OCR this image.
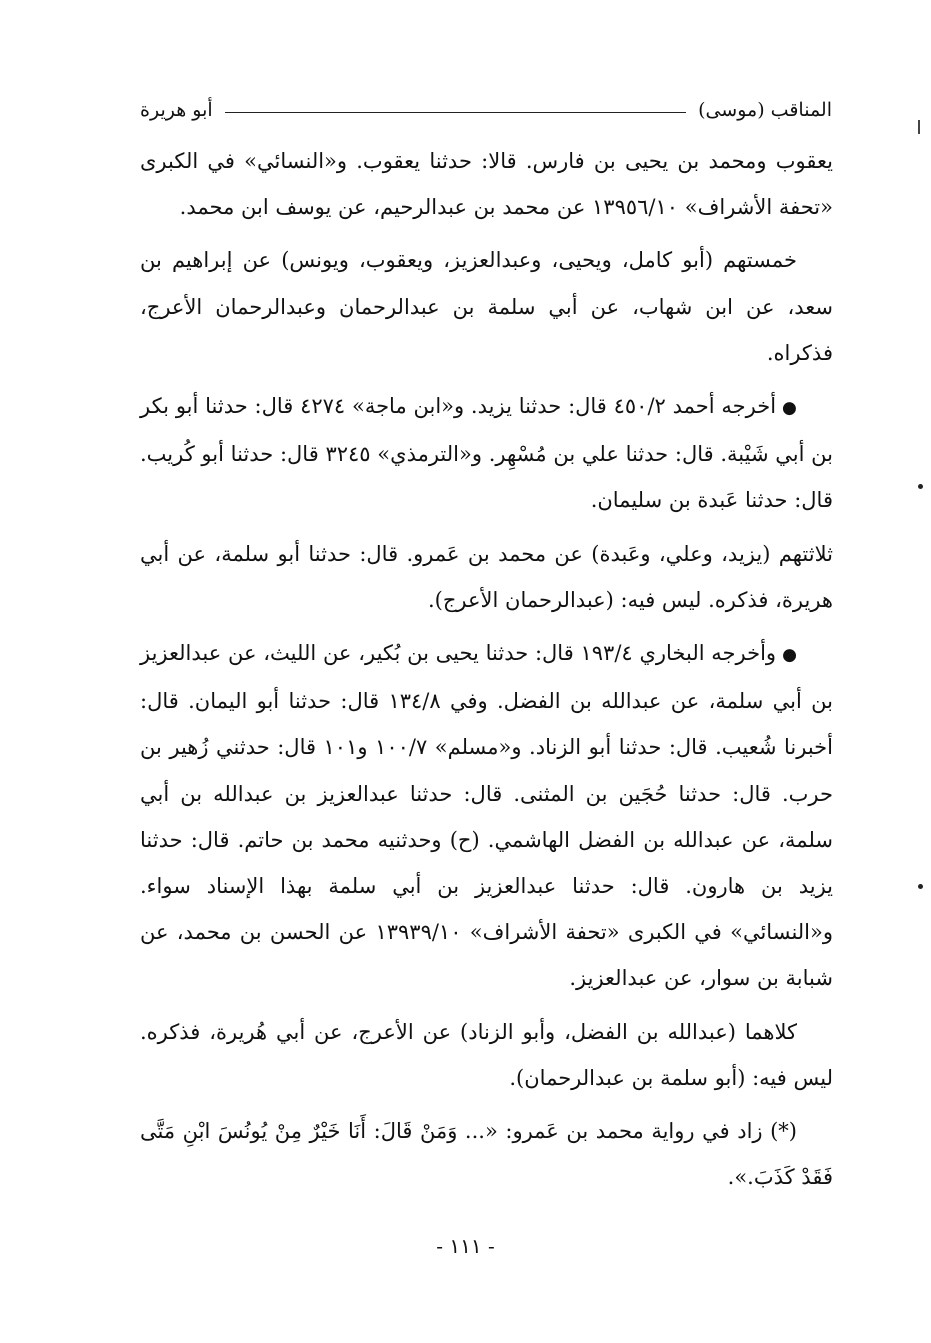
المناقب (موسى)
أبو هريرة

يعقوب ومحمد بن يحيى بن فارس. قالا: حدثنا يعقوب. و«النسائي» في الكبرى «تحفة الأشراف» ١٣٩٥٦/١٠ عن محمد بن عبدالرحيم، عن يوسف ابن محمد.

خمستهم (أبو كامل، ويحيى، وعبدالعزيز، ويعقوب، ويونس) عن إبراهيم بن سعد، عن ابن شهاب، عن أبي سلمة بن عبدالرحمان وعبدالرحمان الأعرج، فذكراه.

●أخرجه أحمد ٤٥٠/٢ قال: حدثنا يزيد. و«ابن ماجة» ٤٢٧٤ قال: حدثنا أبو بكر بن أبي شَيْبة. قال: حدثنا علي بن مُسْهِر. و«الترمذي» ٣٢٤٥ قال: حدثنا أبو كُريب. قال: حدثنا عَبدة بن سليمان.

ثلاثتهم (يزيد، وعلي، وعَبدة) عن محمد بن عَمرو. قال: حدثنا أبو سلمة، عن أبي هريرة، فذكره. ليس فيه: (عبدالرحمان الأعرج).

●وأخرجه البخاري ١٩٣/٤ قال: حدثنا يحيى بن بُكير، عن الليث، عن عبدالعزيز بن أبي سلمة، عن عبدالله بن الفضل. وفي ١٣٤/٨ قال: حدثنا أبو اليمان. قال: أخبرنا شُعيب. قال: حدثنا أبو الزناد. و«مسلم» ١٠٠/٧ و١٠١ قال: حدثني زُهير بن حرب. قال: حدثنا حُجَين بن المثنى. قال: حدثنا عبدالعزيز بن عبدالله بن أبي سلمة، عن عبدالله بن الفضل الهاشمي. (ح) وحدثنيه محمد بن حاتم. قال: حدثنا يزيد بن هارون. قال: حدثنا عبدالعزيز بن أبي سلمة بهذا الإسناد سواء. و«النسائي» في الكبرى «تحفة الأشراف» ١٣٩٣٩/١٠ عن الحسن بن محمد، عن شبابة بن سوار، عن عبدالعزيز.

كلاهما (عبدالله بن الفضل، وأبو الزناد) عن الأعرج، عن أبي هُريرة، فذكره. ليس فيه: (أبو سلمة بن عبدالرحمان).

(*) زاد في رواية محمد بن عَمرو: «... وَمَنْ قَالَ: أَنَا خَيْرٌ مِنْ يُونُسَ ابْنِ مَتَّى فَقَدْ كَذَبَ.».

- ١١١ -
